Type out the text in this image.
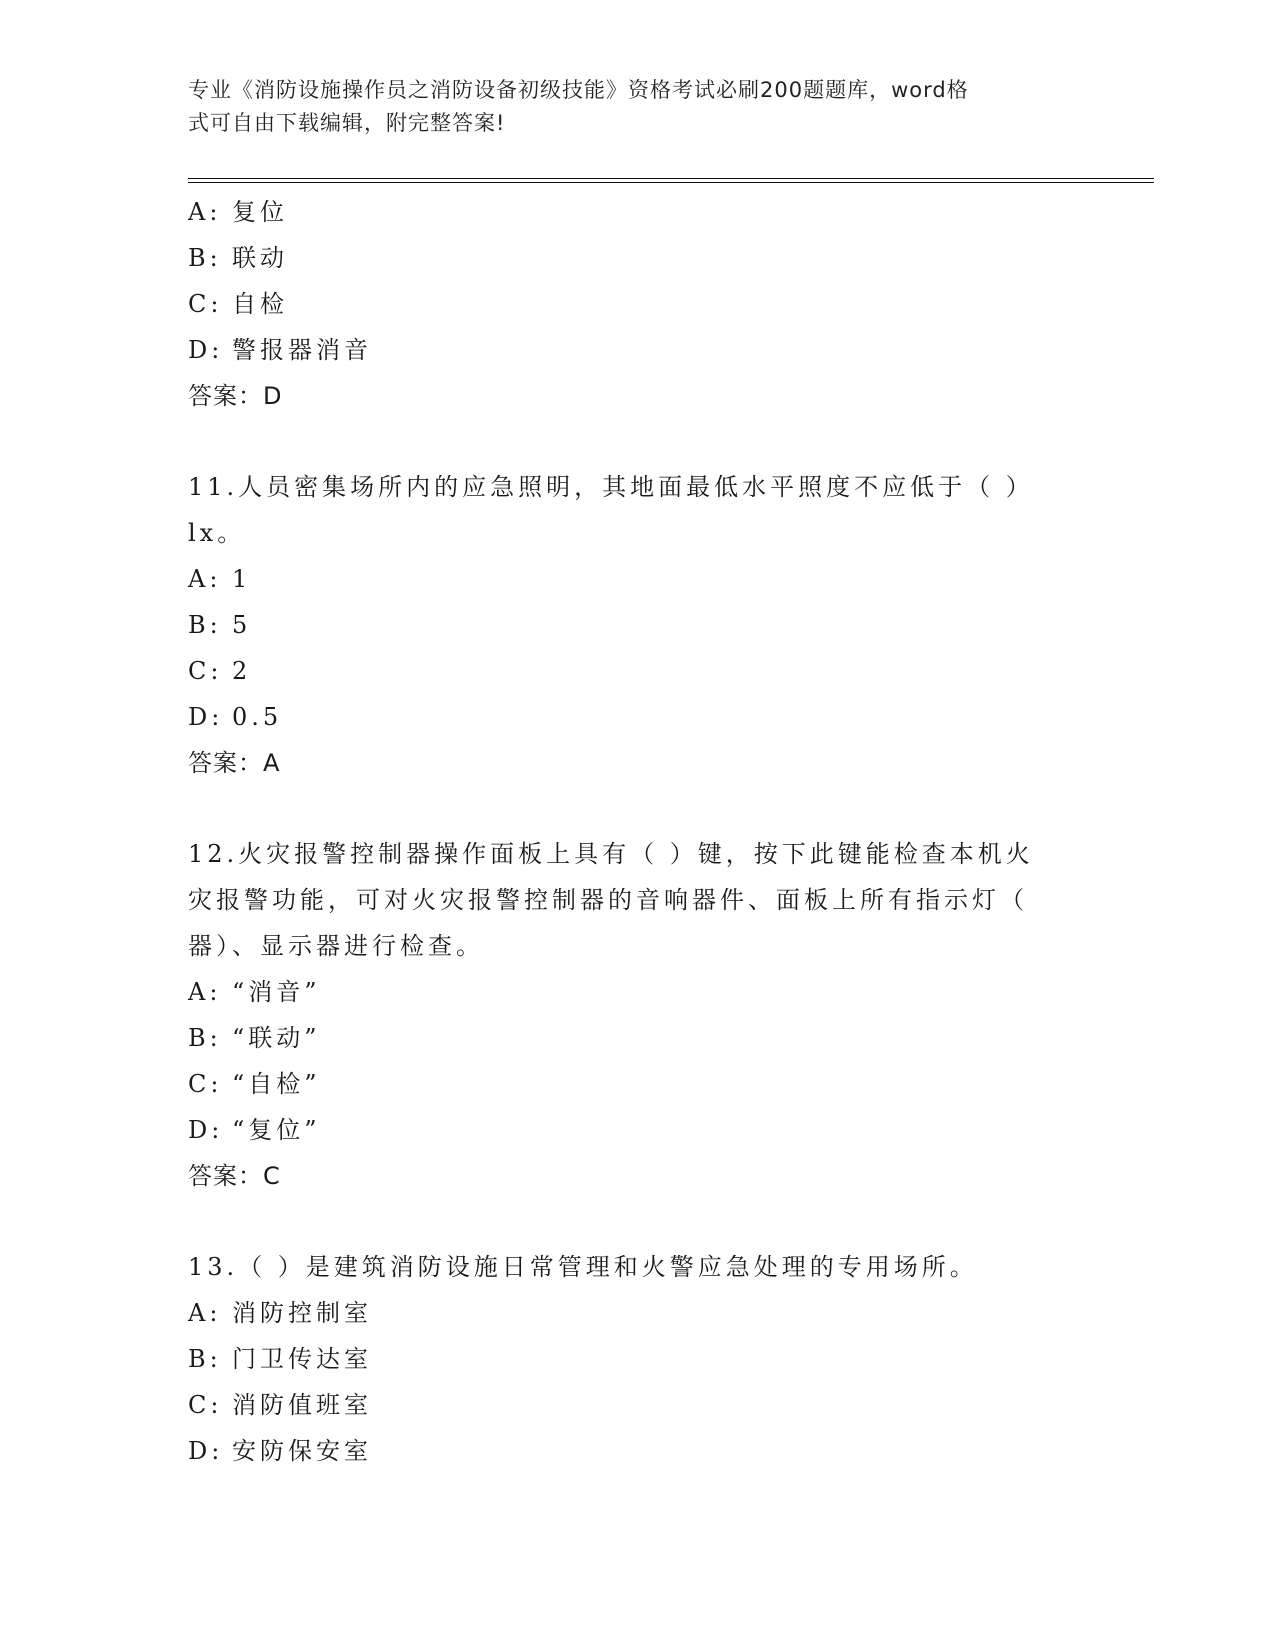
专业《消防设施操作员之消防设备初级技能》资格考试必刷200题题库，word格
式可自由下载编辑，附完整答案!
A: 复位
B: 联动
C: 自检
D: 警报器消音
答案：D
11.人员密集场所内的应急照明，其地面最低水平照度不应低于（ ）
lx。
A: 1
B: 5
C: 2
D: 0.5
答案：A
12.火灾报警控制器操作面板上具有（ ）键，按下此键能检查本机火
灾报警功能，可对火灾报警控制器的音响器件、面板上所有指示灯（
器）、显示器进行检查。
A: “消音”
B: “联动”
C: “自检”
D: “复位”
答案：C
13.（ ）是建筑消防设施日常管理和火警应急处理的专用场所。
A: 消防控制室
B: 门卫传达室
C: 消防值班室
D: 安防保安室
